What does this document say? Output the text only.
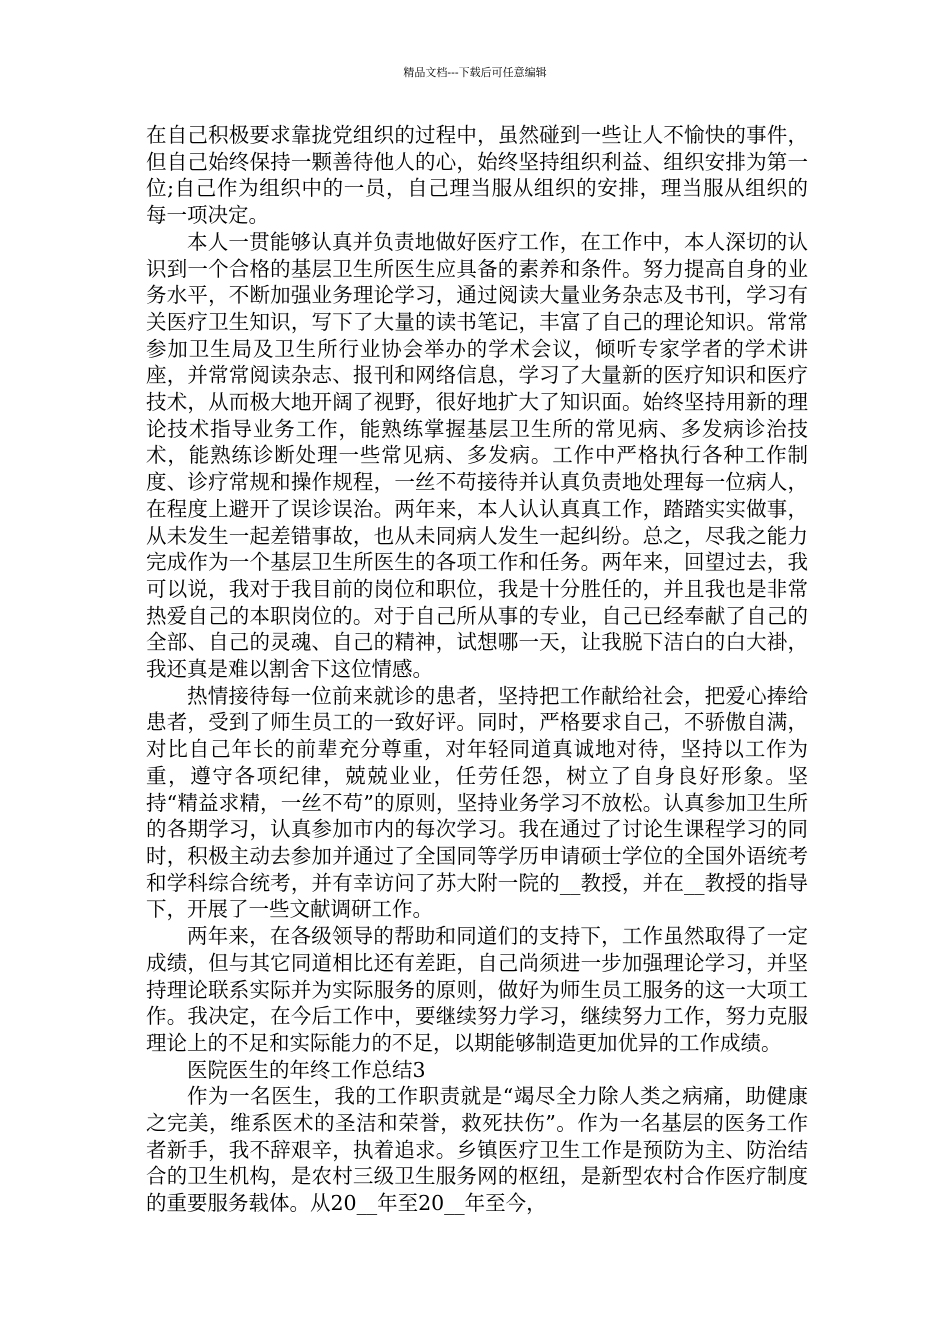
精品文档---下载后可任意编辑

在自己积极要求靠拢党组织的过程中，虽然碰到一些让人不愉快的事件，但自己始终保持一颗善待他人的心，始终坚持组织利益、组织安排为第一位;自己作为组织中的一员，自己理当服从组织的安排，理当服从组织的每一项决定。

本人一贯能够认真并负责地做好医疗工作，在工作中，本人深切的认识到一个合格的基层卫生所医生应具备的素养和条件。努力提高自身的业务水平，不断加强业务理论学习，通过阅读大量业务杂志及书刊，学习有关医疗卫生知识，写下了大量的读书笔记，丰富了自己的理论知识。常常参加卫生局及卫生所行业协会举办的学术会议，倾听专家学者的学术讲座，并常常阅读杂志、报刊和网络信息，学习了大量新的医疗知识和医疗技术，从而极大地开阔了视野，很好地扩大了知识面。始终坚持用新的理论技术指导业务工作，能熟练掌握基层卫生所的常见病、多发病诊治技术，能熟练诊断处理一些常见病、多发病。工作中严格执行各种工作制度、诊疗常规和操作规程，一丝不苟接待并认真负责地处理每一位病人，在程度上避开了误诊误治。两年来，本人认认真真工作，踏踏实实做事，从未发生一起差错事故，也从未同病人发生一起纠纷。总之，尽我之能力完成作为一个基层卫生所医生的各项工作和任务。两年来，回望过去，我可以说，我对于我目前的岗位和职位，我是十分胜任的，并且我也是非常热爱自己的本职岗位的。对于自己所从事的专业，自己已经奉献了自己的全部、自己的灵魂、自己的精神，试想哪一天，让我脱下洁白的白大褂，我还真是难以割舍下这位情感。

热情接待每一位前来就诊的患者，坚持把工作献给社会，把爱心捧给患者，受到了师生员工的一致好评。同时，严格要求自己，不骄傲自满，对比自己年长的前辈充分尊重，对年轻同道真诚地对待，坚持以工作为重，遵守各项纪律，兢兢业业，任劳任怨，树立了自身良好形象。坚持“精益求精，一丝不苟”的原则，坚持业务学习不放松。认真参加卫生所的各期学习，认真参加市内的每次学习。我在通过了讨论生课程学习的同时，积极主动去参加并通过了全国同等学历申请硕士学位的全国外语统考和学科综合统考，并有幸访问了苏大附一院的__教授，并在__教授的指导下，开展了一些文献调研工作。

两年来，在各级领导的帮助和同道们的支持下，工作虽然取得了一定成绩，但与其它同道相比还有差距，自己尚须进一步加强理论学习，并坚持理论联系实际并为实际服务的原则，做好为师生员工服务的这一大项工作。我决定，在今后工作中，要继续努力学习，继续努力工作，努力克服理论上的不足和实际能力的不足，以期能够制造更加优异的工作成绩。

医院医生的年终工作总结3

作为一名医生，我的工作职责就是“竭尽全力除人类之病痛，助健康之完美，维系医术的圣洁和荣誉，救死扶伤”。作为一名基层的医务工作者新手，我不辞艰辛，执着追求。乡镇医疗卫生工作是预防为主、防治结合的卫生机构，是农村三级卫生服务网的枢纽，是新型农村合作医疗制度的重要服务载体。从20__年至20__年至今，
